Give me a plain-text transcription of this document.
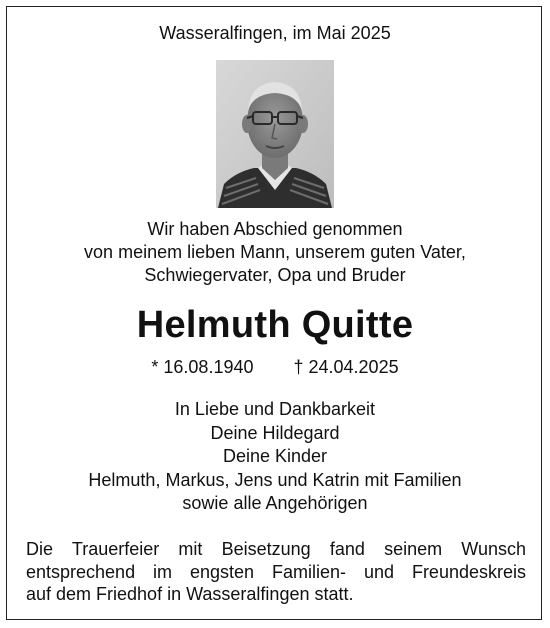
Wasseralfingen, im Mai 2025
Wir haben Abschied genommen
von meinem lieben Mann, unserem guten Vater,
Schwiegervater, Opa und Bruder
Helmuth Quitte
* 16.08.1940 † 24.04.2025
In Liebe und Dankbarkeit
Deine Hildegard
Deine Kinder
Helmuth, Markus, Jens und Katrin mit Familien
sowie alle Angehörigen
Die Trauerfeier mit Beisetzung fand seinem Wunsch
entsprechend im engsten Familien- und Freundeskreis
auf dem Friedhof in Wasseralfingen statt.
